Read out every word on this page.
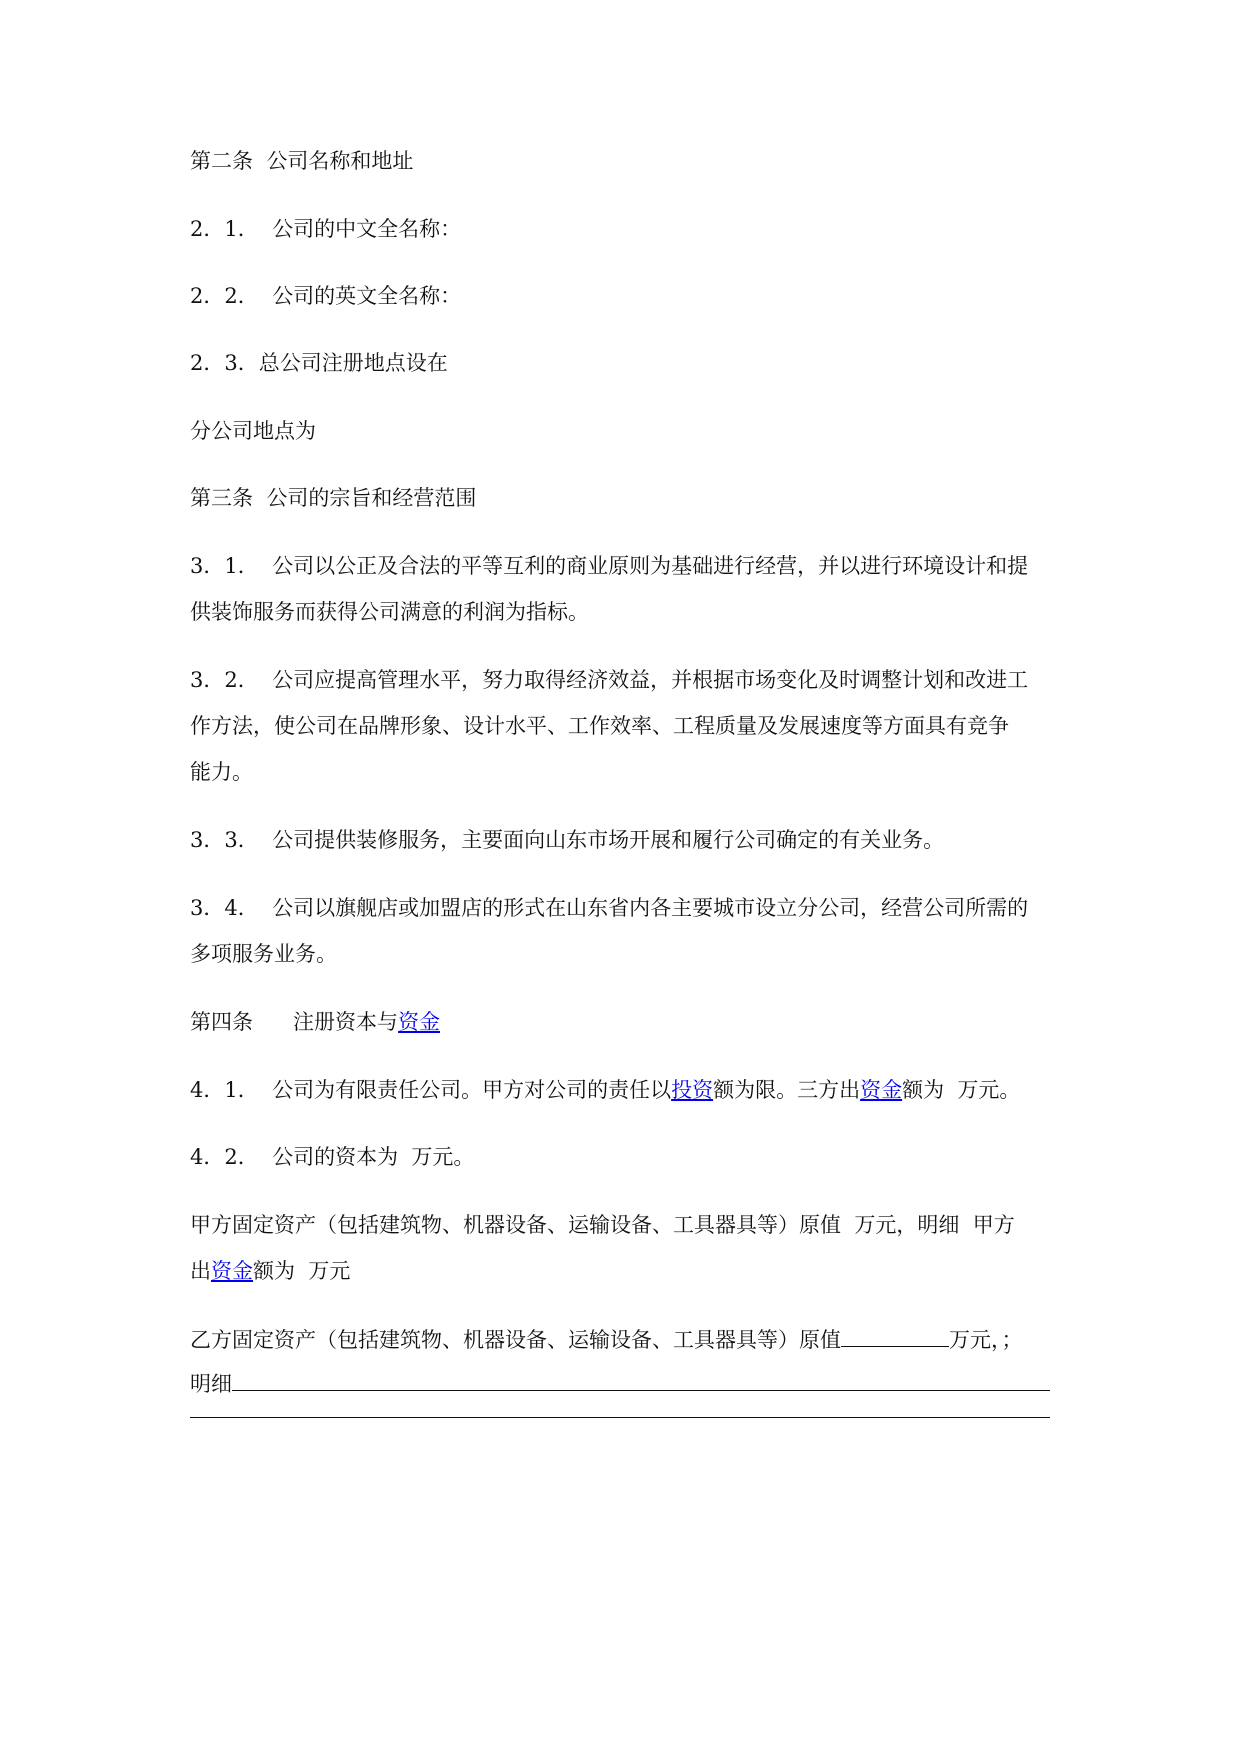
第二条  公司名称和地址
2．1．  公司的中文全名称：
2．2．  公司的英文全名称：
2．3．总公司注册地点设在
分公司地点为
第三条  公司的宗旨和经营范围
3．1．  公司以公正及合法的平等互利的商业原则为基础进行经营，并以进行环境设计和提
供装饰服务而获得公司满意的利润为指标。
3．2．  公司应提高管理水平，努力取得经济效益，并根据市场变化及时调整计划和改进工
作方法，使公司在品牌形象、设计水平、工作效率、工程质量及发展速度等方面具有竞争
能力。
3．3．  公司提供装修服务，主要面向山东市场开展和履行公司确定的有关业务。
3．4．  公司以旗舰店或加盟店的形式在山东省内各主要城市设立分公司，经营公司所需的
多项服务业务。
第四条      注册资本与资金
4．1．  公司为有限责任公司。甲方对公司的责任以投资额为限。三方出资金额为  万元。
4．2．  公司的资本为  万元。
甲方固定资产（包括建筑物、机器设备、运输设备、工具器具等）原值  万元，明细  甲方
出资金额为  万元
乙方固定资产（包括建筑物、机器设备、运输设备、工具器具等）原值	万元，；
明细
